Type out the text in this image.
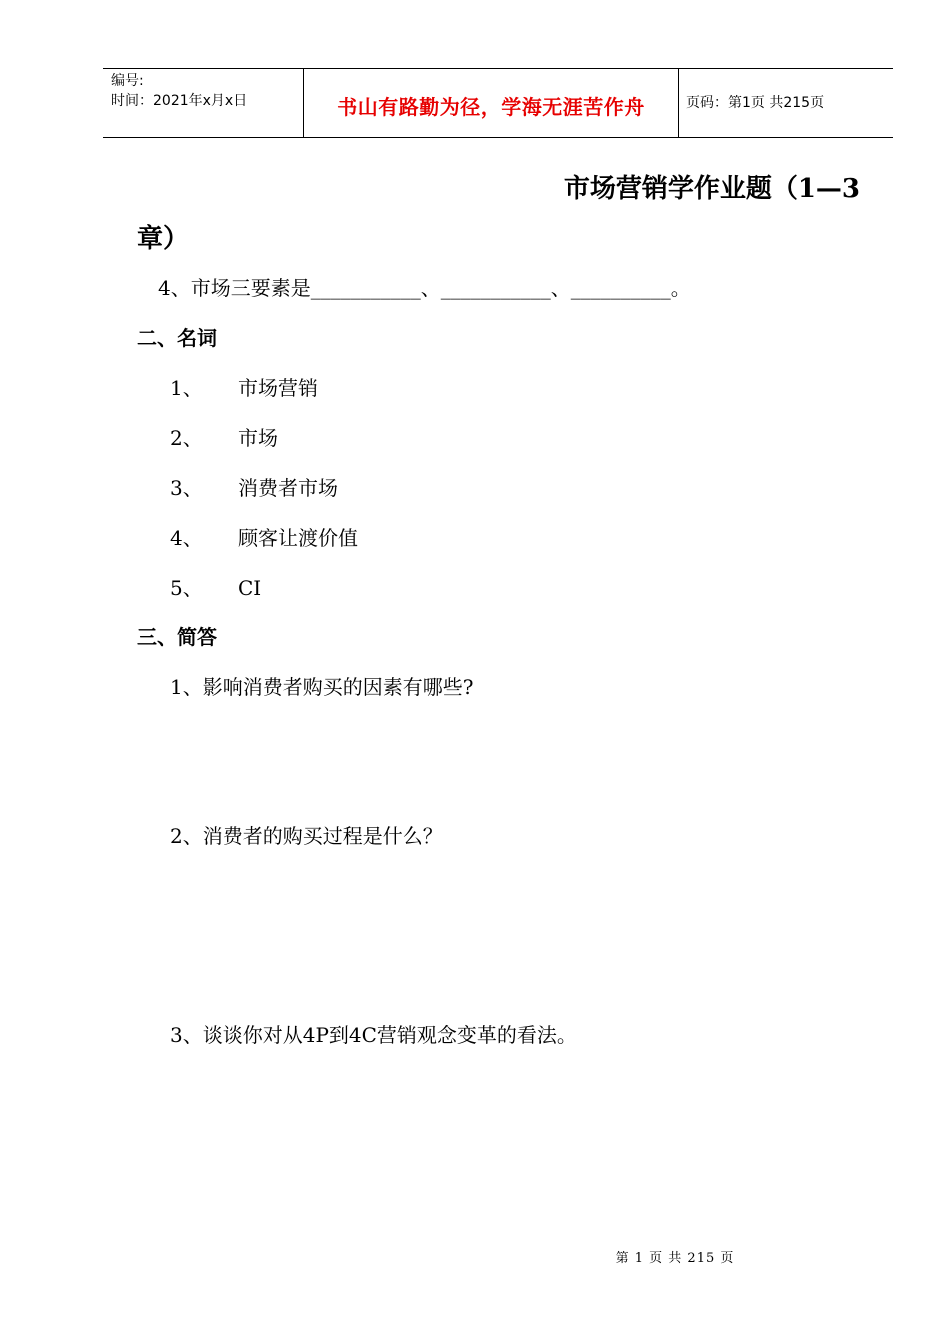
编号:
时间：2021年x月x日	书山有路勤为径，学海无涯苦作舟	页码：第1页 共215页
市场营销学作业题（1—3
章）
4、市场三要素是___________、___________、__________。
二、名词
1、 市场营销
2、 市场
3、 消费者市场
4、 顾客让渡价值
5、 CI
三、简答
1、影响消费者购买的因素有哪些?
2、消费者的购买过程是什么？
3、谈谈你对从4P到4C营销观念变革的看法。
第 1 页 共 215 页
